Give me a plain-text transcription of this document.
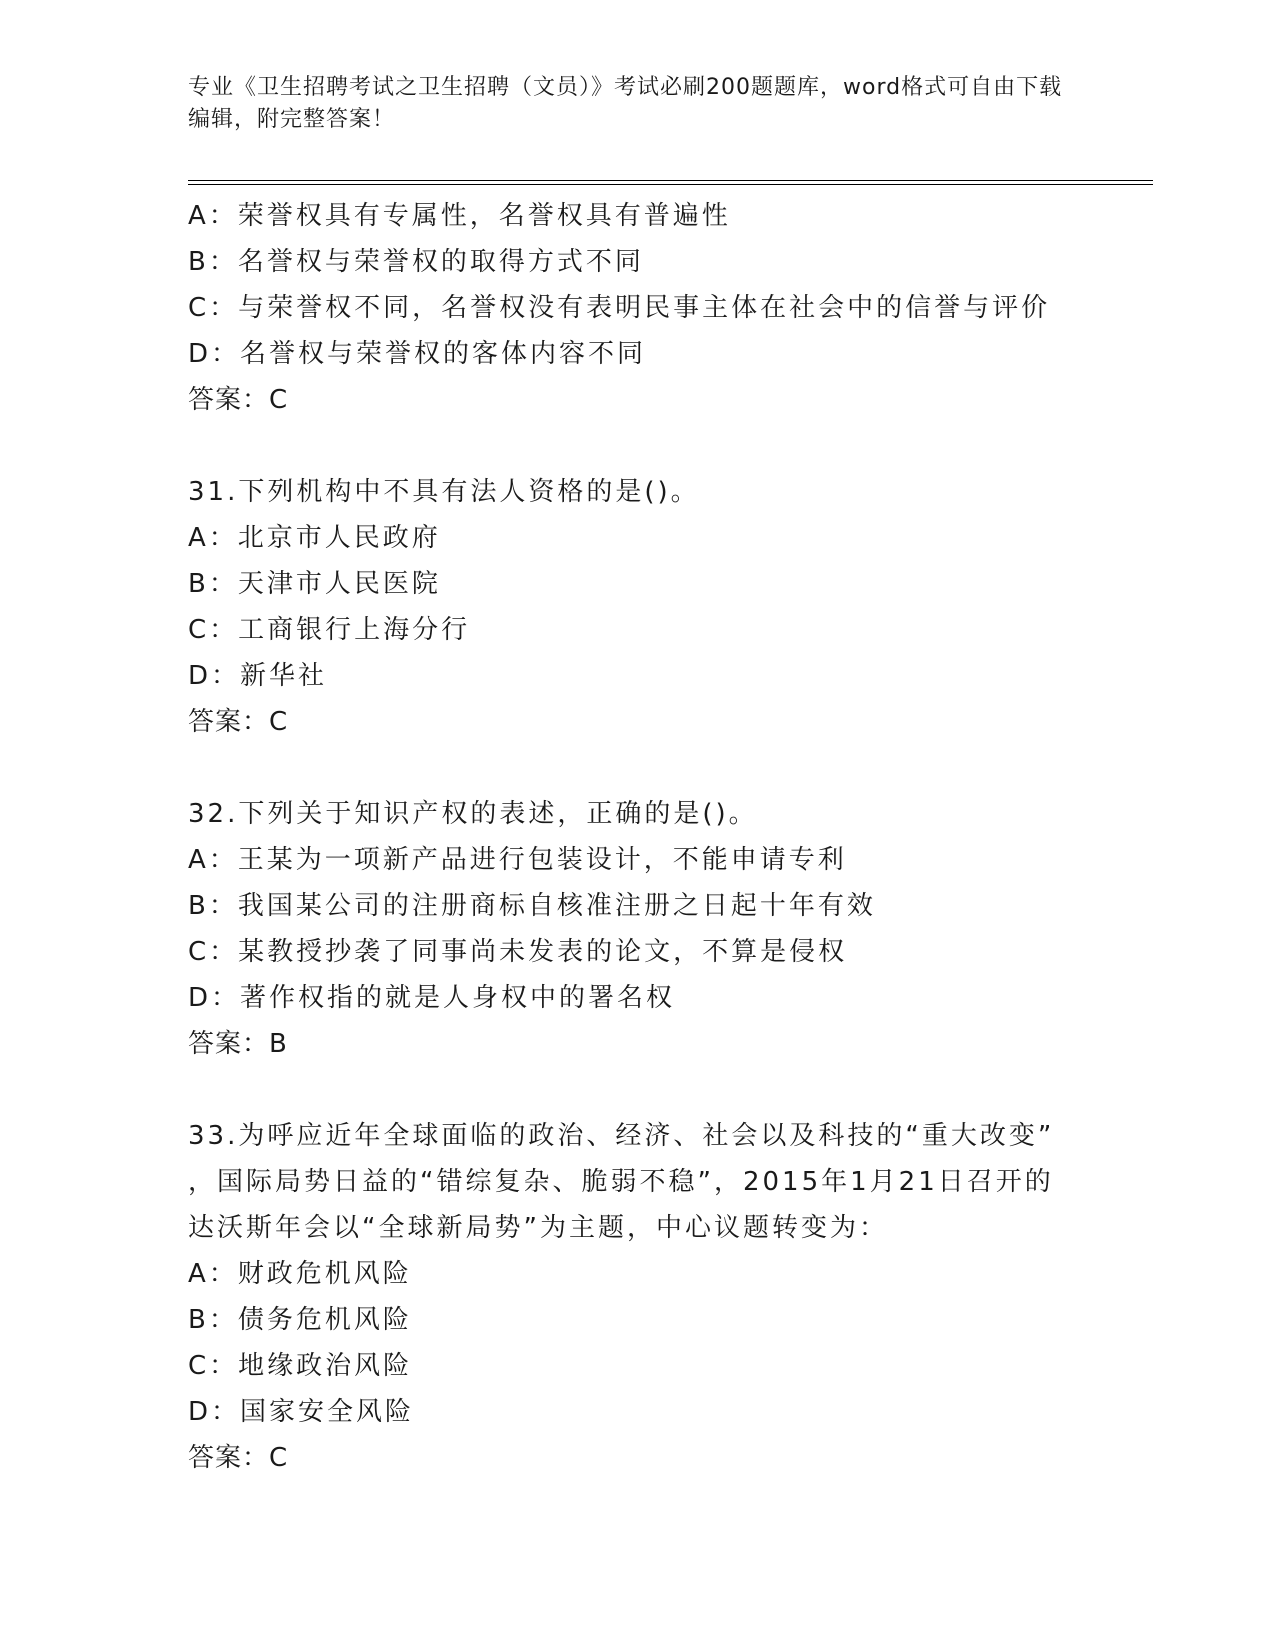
专业《卫生招聘考试之卫生招聘（文员）》考试必刷200题题库，word格式可自由下载编辑，附完整答案！

A：荣誉权具有专属性，名誉权具有普遍性

B：名誉权与荣誉权的取得方式不同

C：与荣誉权不同，名誉权没有表明民事主体在社会中的信誉与评价

D：名誉权与荣誉权的客体内容不同

答案：C

31.下列机构中不具有法人资格的是()。

A：北京市人民政府

B：天津市人民医院

C：工商银行上海分行

D：新华社

答案：C

32.下列关于知识产权的表述，正确的是()。

A：王某为一项新产品进行包装设计，不能申请专利

B：我国某公司的注册商标自核准注册之日起十年有效

C：某教授抄袭了同事尚未发表的论文，不算是侵权

D：著作权指的就是人身权中的署名权

答案：B

33.为呼应近年全球面临的政治、经济、社会以及科技的“重大改变”

，国际局势日益的“错综复杂、脆弱不稳”，2015年1月21日召开的

达沃斯年会以“全球新局势”为主题，中心议题转变为：

A：财政危机风险

B：债务危机风险

C：地缘政治风险

D：国家安全风险

答案：C
